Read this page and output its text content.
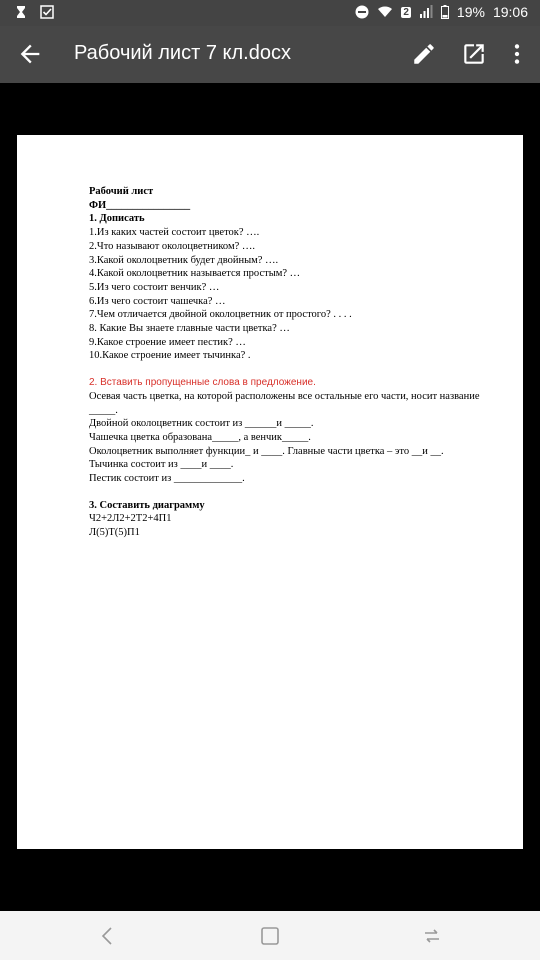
2	19% 19:06
Рабочий лист 7 кл.docx

Рабочий лист

ФИ________________

1. Дописать

1.Из каких частей состоит цветок? ….

2.Что называют околоцветником? ….

3.Какой околоцветник будет двойным? ….

4.Какой околоцветник называется простым? …

5.Из чего состоит венчик? …

6.Из чего состоит чашечка? …

7.Чем отличается двойной околоцветник от простого? . . . .

8. Какие Вы знаете главные части цветка? …

9.Какое строение имеет пестик? …

10.Какое строение имеет тычинка? .

2. Вставить пропущенные слова в предложение.

Осевая часть цветка, на которой расположены все остальные его части, носит название _____.

Двойной околоцветник состоит из ______и _____.

Чашечка цветка образована_____, а венчик_____.

Околоцветник выполняет функции_ и ____. Главные части цветка – это __и __.

Тычинка состоит из ____и ____.

Пестик состоит из _____________.

3. Составить диаграмму

Ч2+2Л2+2Т2+4П1

Л(5)Т(5)П1
